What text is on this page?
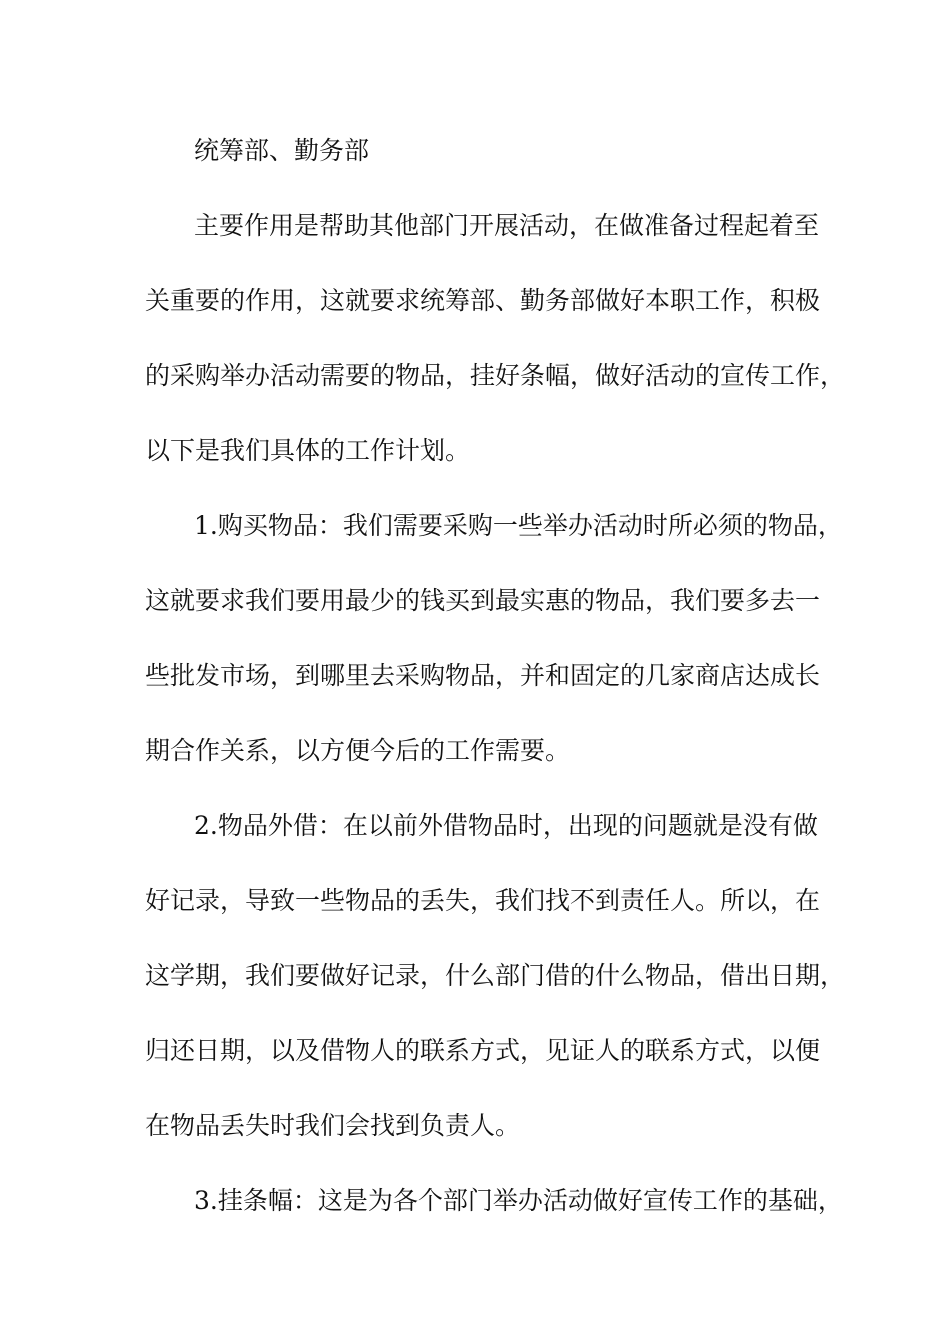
统筹部、勤务部
主要作用是帮助其他部门开展活动，在做准备过程起着至
关重要的作用，这就要求统筹部、勤务部做好本职工作，积极
的采购举办活动需要的物品，挂好条幅，做好活动的宣传工作，
以下是我们具体的工作计划。
1.购买物品：我们需要采购一些举办活动时所必须的物品，
这就要求我们要用最少的钱买到最实惠的物品，我们要多去一
些批发市场，到哪里去采购物品，并和固定的几家商店达成长
期合作关系，以方便今后的工作需要。
2.物品外借：在以前外借物品时，出现的问题就是没有做
好记录，导致一些物品的丢失，我们找不到责任人。所以，在
这学期，我们要做好记录，什么部门借的什么物品，借出日期，
归还日期，以及借物人的联系方式，见证人的联系方式，以便
在物品丢失时我们会找到负责人。
3.挂条幅：这是为各个部门举办活动做好宣传工作的基础，
